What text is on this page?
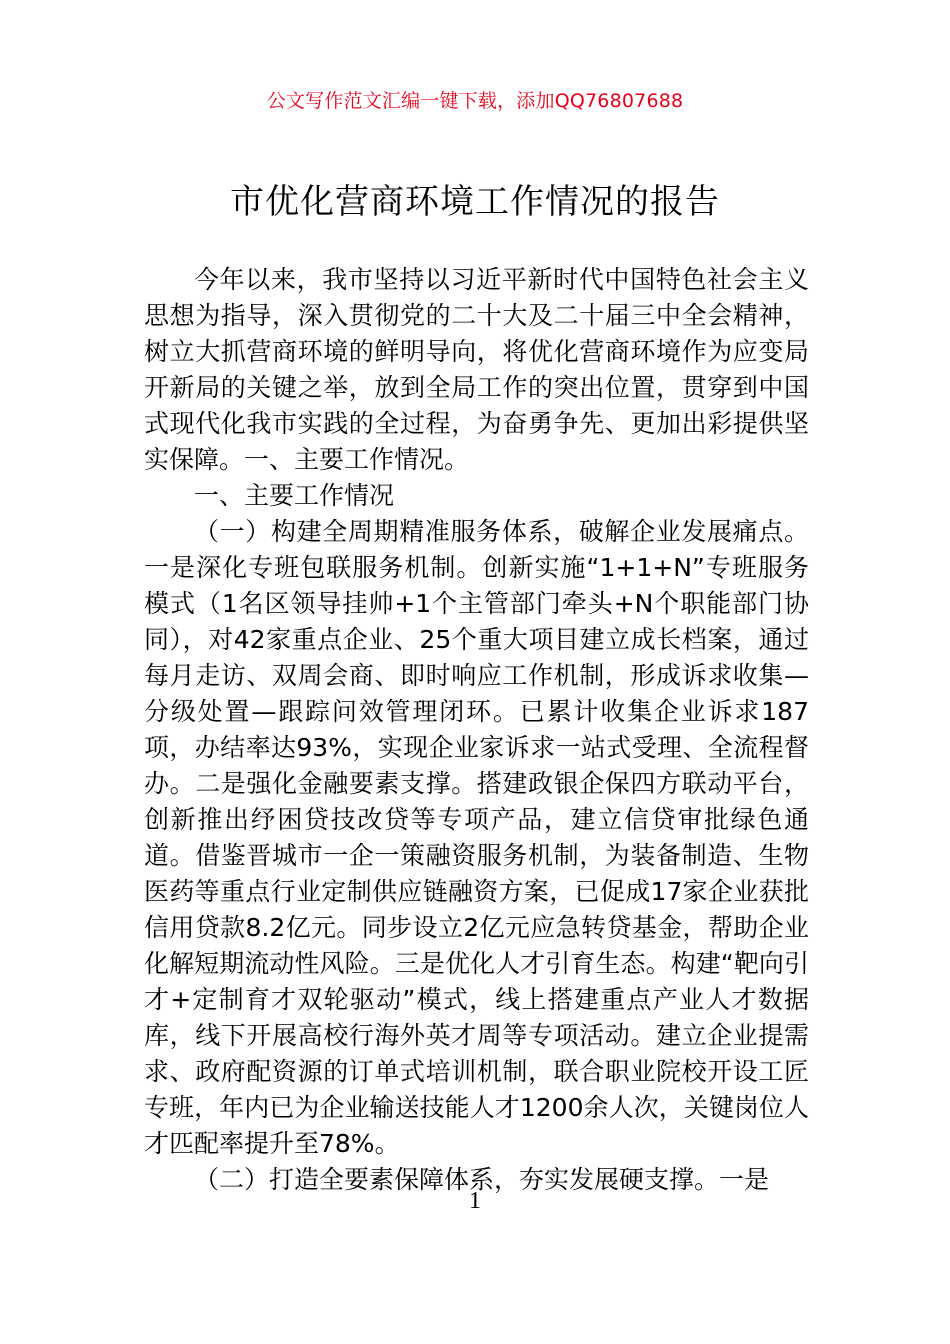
公文写作范文汇编一键下载，添加QQ76807688
市优化营商环境工作情况的报告

今年以来，我市坚持以习近平新时代中国特色社会主义思想为指导，深入贯彻党的二十大及二十届三中全会精神，树立大抓营商环境的鲜明导向，将优化营商环境作为应变局开新局的关键之举，放到全局工作的突出位置，贯穿到中国式现代化我市实践的全过程，为奋勇争先、更加出彩提供坚实保障。一、主要工作情况。

一、主要工作情况

（一）构建全周期精准服务体系，破解企业发展痛点。一是深化专班包联服务机制。创新实施“1+1+N”专班服务模式（1名区领导挂帅+1个主管部门牵头+N个职能部门协同），对42家重点企业、25个重大项目建立成长档案，通过每月走访、双周会商、即时响应工作机制，形成诉求收集—分级处置—跟踪问效管理闭环。已累计收集企业诉求187项，办结率达93%，实现企业家诉求一站式受理、全流程督办。二是强化金融要素支撑。搭建政银企保四方联动平台，创新推出纾困贷技改贷等专项产品，建立信贷审批绿色通道。借鉴晋城市一企一策融资服务机制，为装备制造、生物医药等重点行业定制供应链融资方案，已促成17家企业获批信用贷款8.2亿元。同步设立2亿元应急转贷基金，帮助企业化解短期流动性风险。三是优化人才引育生态。构建“靶向引才+定制育才双轮驱动”模式，线上搭建重点产业人才数据库，线下开展高校行海外英才周等专项活动。建立企业提需求、政府配资源的订单式培训机制，联合职业院校开设工匠专班，年内已为企业输送技能人才1200余人次，关键岗位人才匹配率提升至78%。

（二）打造全要素保障体系，夯实发展硬支撑。一是

1
